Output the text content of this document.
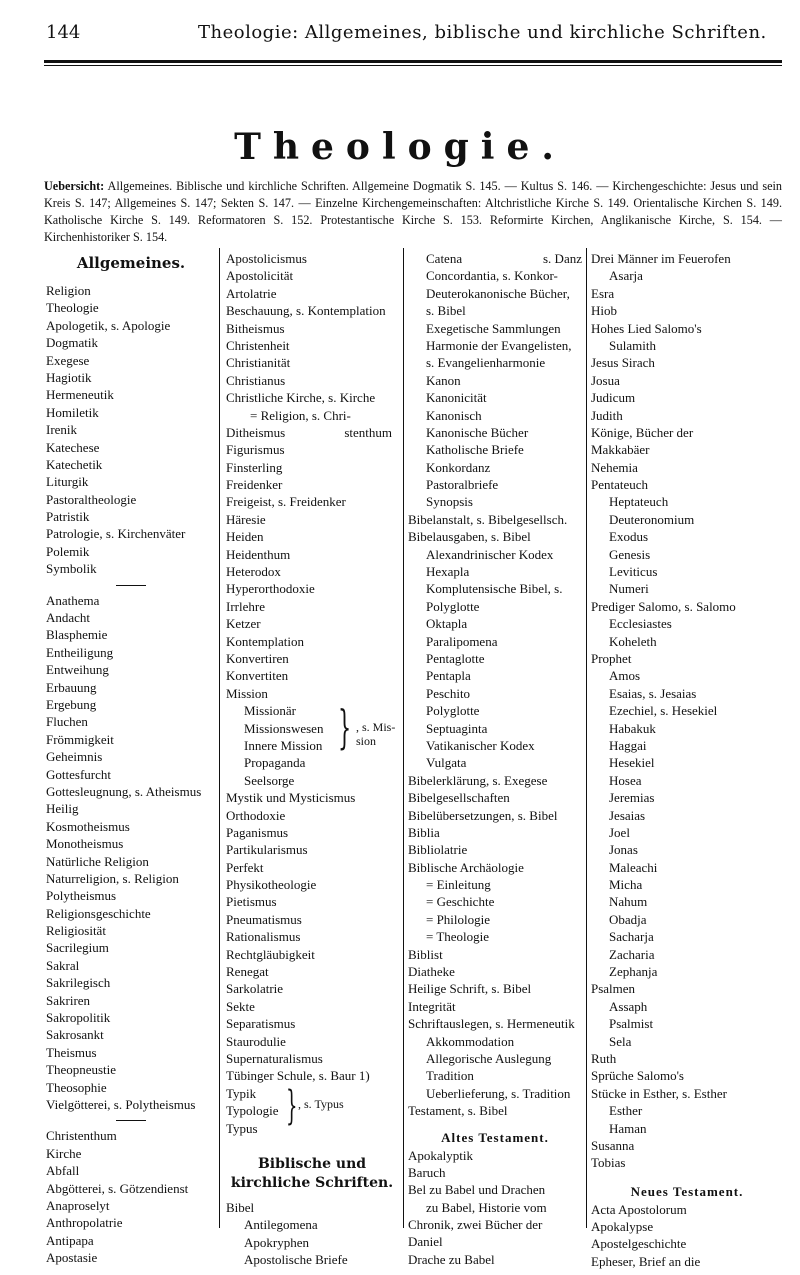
144	Theologie: Allgemeines, biblische und kirchliche Schriften.
Theologie.
Uebersicht: Allgemeines. Biblische und kirchliche Schriften. Allgemeine Dogmatik S. 145. — Kultus S. 146. — Kirchengeschichte: Jesus und sein Kreis S. 147; Allgemeines S. 147; Sekten S. 147. — Einzelne Kirchengemeinschaften: Altchristliche Kirche S. 149. Orientalische Kirchen S. 149. Katholische Kirche S. 149. Reformatoren S. 152. Protestantische Kirche S. 153. Reformirte Kirchen, Anglikanische Kirche, S. 154. — Kirchenhistoriker S. 154.
Allgemeines.
Religion
Theologie
Apologetik, s. Apologie
Dogmatik
Exegese
Hagiotik
Hermeneutik
Homiletik
Irenik
Katechese
Katechetik
Liturgik
Pastoraltheologie
Patristik
Patrologie, s. Kirchenväter
Polemik
Symbolik
Anathema
Andacht
Blasphemie
Entheiligung
Entweihung
Erbauung
Ergebung
Fluchen
Frömmigkeit
Geheimnis
Gottesfurcht
Gottesleugnung, s. Atheismus
Heilig
Kosmotheismus
Monotheismus
Natürliche Religion
Naturreligion, s. Religion
Polytheismus
Religionsgeschichte
Religiosität
Sacrilegium
Sakral
Sakrilegisch
Sakriren
Sakropolitik
Sakrosankt
Theismus
Theopneustie
Theosophie
Vielgötterei, s. Polytheismus
Christenthum
Kirche
Abfall
Abgötterei, s. Götzendienst
Anaproselyt
Anthropolatrie
Antipapa
Apostasie
Apostolicismus
Apostolicität
Artolatrie
Beschauung, s. Kontemplation
Bitheismus
Christenheit
Christianität
Christianus
Christliche Kirche, s. Kirche
= Religion, s. Chri-
Ditheismus	stenthum
Figurismus
Finsterling
Freidenker
Freigeist, s. Freidenker
Häresie
Heiden
Heidenthum
Heterodox
Hyperorthodoxie
Irrlehre
Ketzer
Kontemplation
Konvertiren
Konvertiten
Mission
Missionär
Missionswesen
Innere Mission
Propaganda
Seelsorge
} , s. Mis- sion
Mystik und Mysticismus
Orthodoxie
Paganismus
Partikularismus
Perfekt
Physikotheologie
Pietismus
Pneumatismus
Rationalismus
Rechtgläubigkeit
Renegat
Sarkolatrie
Sekte
Separatismus
Staurodulie
Supernaturalismus
Tübinger Schule, s. Baur 1)
Typik
Typologie
Typus } , s. Typus
Biblische und kirchliche Schriften.
Bibel
Antilegomena
Apokryphen
Apostolische Briefe
Catena	s. Danz
Concordantia, s. Konkor-
Deuterokanonische Bücher,
s. Bibel
Exegetische Sammlungen
Harmonie der Evangelisten,
s. Evangelienharmonie
Kanon
Kanonicität
Kanonisch
Kanonische Bücher
Katholische Briefe
Konkordanz
Pastoralbriefe
Synopsis
Bibelanstalt, s. Bibelgesellsch.
Bibelausgaben, s. Bibel
Alexandrinischer Kodex
Hexapla
Komplutensische Bibel, s.
Polyglotte
Oktapla
Paralipomena
Pentaglotte
Pentapla
Peschito
Polyglotte
Septuaginta
Vatikanischer Kodex
Vulgata
Bibelerklärung, s. Exegese
Bibelgesellschaften
Bibelübersetzungen, s. Bibel
Biblia
Bibliolatrie
Biblische Archäologie
= Einleitung
= Geschichte
= Philologie
= Theologie
Biblist
Diatheke
Heilige Schrift, s. Bibel
Integrität
Schriftauslegen, s. Hermeneutik
Akkommodation
Allegorische Auslegung
Tradition
Ueberlieferung, s. Tradition
Testament, s. Bibel
Altes Testament.
Apokalyptik
Baruch
Bel zu Babel und Drachen
zu Babel, Historie vom
Chronik, zwei Bücher der
Daniel
Drache zu Babel
Drei Männer im Feuerofen
Asarja
Esra
Hiob
Hohes Lied Salomo's
Sulamith
Jesus Sirach
Josua
Judicum
Judith
Könige, Bücher der
Makkabäer
Nehemia
Pentateuch
Heptateuch
Deuteronomium
Exodus
Genesis
Leviticus
Numeri
Prediger Salomo, s. Salomo
Ecclesiastes
Koheleth
Prophet
Amos
Esaias, s. Jesaias
Ezechiel, s. Hesekiel
Habakuk
Haggai
Hesekiel
Hosea
Jeremias
Jesaias
Joel
Jonas
Maleachi
Micha
Nahum
Obadja
Sacharja
Zacharia
Zephanja
Psalmen
Assaph
Psalmist
Sela
Ruth
Sprüche Salomo's
Stücke in Esther, s. Esther
Esther
Haman
Susanna
Tobias
Neues Testament.
Acta Apostolorum
Apokalypse
Apostelgeschichte
Epheser, Brief an die
